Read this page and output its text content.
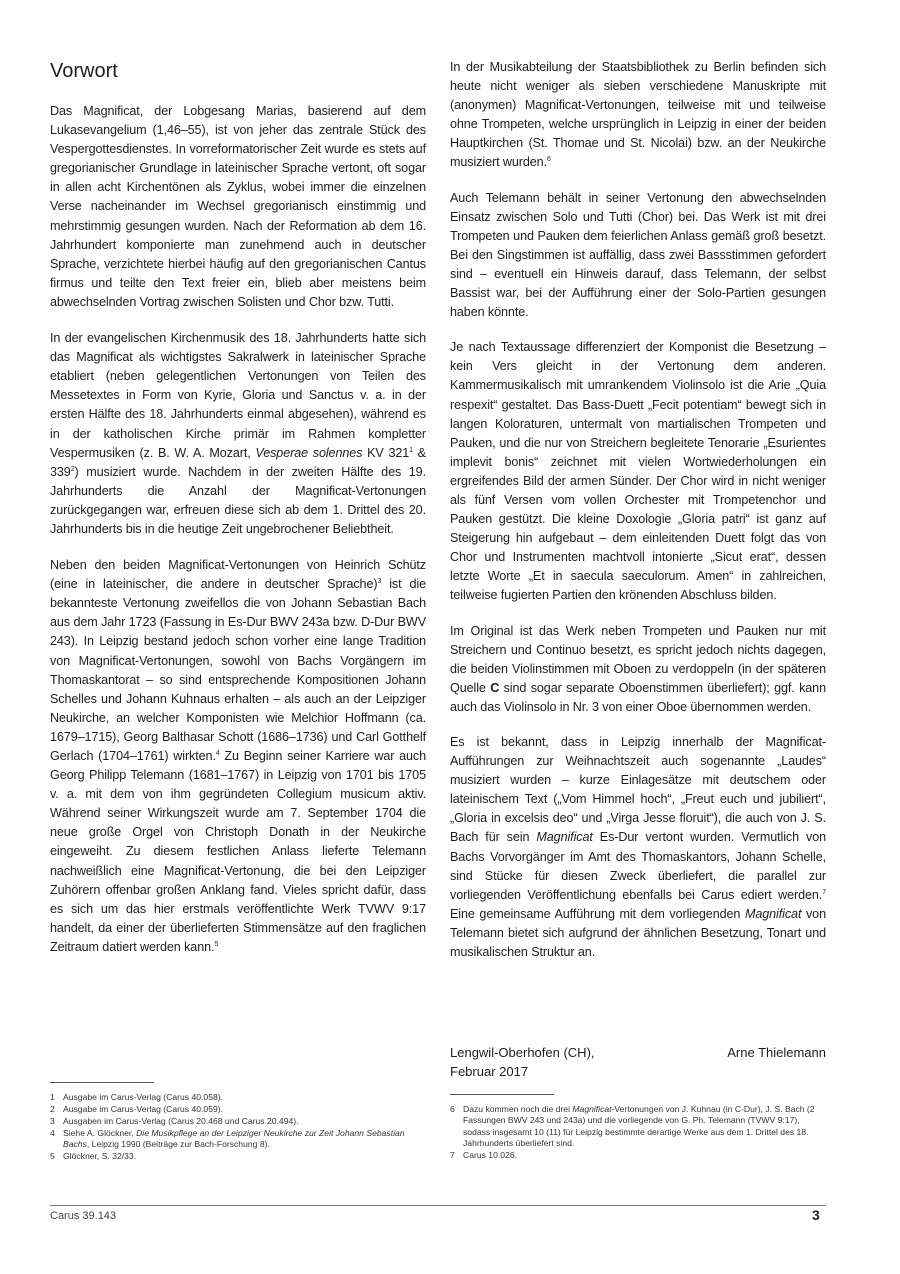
Vorwort

Das Magnificat, der Lobgesang Marias, basierend auf dem Lukasevangelium (1,46–55), ist von jeher das zentrale Stück des Vespergottesdienstes. In vorreformatorischer Zeit wurde es stets auf gregorianischer Grundlage in lateinischer Sprache vertont, oft sogar in allen acht Kirchentönen als Zyklus, wobei immer die einzelnen Verse nacheinander im Wechsel gregorianisch einstimmig und mehrstimmig gesungen wurden. Nach der Reformation ab dem 16. Jahrhundert komponierte man zunehmend auch in deutscher Sprache, verzichtete hierbei häufig auf den gregorianischen Cantus firmus und teilte den Text freier ein, blieb aber meistens beim abwechselnden Vortrag zwischen Solisten und Chor bzw. Tutti.

In der evangelischen Kirchenmusik des 18. Jahrhunderts hatte sich das Magnificat als wichtigstes Sakralwerk in lateinischer Sprache etabliert (neben gelegentlichen Vertonungen von Teilen des Messetextes in Form von Kyrie, Gloria und Sanctus v. a. in der ersten Hälfte des 18. Jahrhunderts einmal abgesehen), während es in der katholischen Kirche primär im Rahmen kompletter Vespermusiken (z. B. W. A. Mozart, Vesperae solennes KV $321^1$ & $339^2$) musiziert wurde. Nachdem in der zweiten Hälfte des 19. Jahrhunderts die Anzahl der Magnificat-Vertonungen zurückgegangen war, erfreuen diese sich ab dem 1. Drittel des 20. Jahrhunderts bis in die heutige Zeit ungebrochener Beliebtheit.

Neben den beiden Magnificat-Vertonungen von Heinrich Schütz (eine in lateinischer, die andere in deutscher Sprache)$^3$ ist die bekannteste Vertonung zweifellos die von Johann Sebastian Bach aus dem Jahr 1723 (Fassung in Es-Dur BWV 243a bzw. D-Dur BWV 243). In Leipzig bestand jedoch schon vorher eine lange Tradition von Magnificat-Vertonungen, sowohl von Bachs Vorgängern im Thomaskantorat – so sind entsprechende Kompositionen Johann Schelles und Johann Kuhnaus erhalten – als auch an der Leipziger Neukirche, an welcher Komponisten wie Melchior Hoffmann (ca. 1679–1715), Georg Balthasar Schott (1686–1736) und Carl Gotthelf Gerlach (1704–1761) wirkten.$^4$ Zu Beginn seiner Karriere war auch Georg Philipp Telemann (1681–1767) in Leipzig von 1701 bis 1705 v. a. mit dem von ihm gegründeten Collegium musicum aktiv. Während seiner Wirkungszeit wurde am 7. September 1704 die neue große Orgel von Christoph Donath in der Neukirche eingeweiht. Zu diesem festlichen Anlass lieferte Telemann nachweißlich eine Magnificat-Vertonung, die bei den Leipziger Zuhörern offenbar großen Anklang fand. Vieles spricht dafür, dass es sich um das hier erstmals veröffentlichte Werk TVWV 9:17 handelt, da einer der überlieferten Stimmensätze auf den fraglichen Zeitraum datiert werden kann.$^5$

In der Musikabteilung der Staatsbibliothek zu Berlin befinden sich heute nicht weniger als sieben verschiedene Manuskripte mit (anonymen) Magnificat-Vertonungen, teilweise mit und teilweise ohne Trompeten, welche ursprünglich in Leipzig in einer der beiden Hauptkirchen (St. Thomae und St. Nicolai) bzw. an der Neukirche musiziert wurden.$^6$

Auch Telemann behält in seiner Vertonung den abwechselnden Einsatz zwischen Solo und Tutti (Chor) bei. Das Werk ist mit drei Trompeten und Pauken dem feierlichen Anlass gemäß groß besetzt. Bei den Singstimmen ist auffällig, dass zwei Bassstimmen gefordert sind – eventuell ein Hinweis darauf, dass Telemann, der selbst Bassist war, bei der Aufführung einer der Solo-Partien gesungen haben könnte.

Je nach Textaussage differenziert der Komponist die Besetzung – kein Vers gleicht in der Vertonung dem anderen. Kammermusikalisch mit umrankendem Violinsolo ist die Arie „Quia respexit“ gestaltet. Das Bass-Duett „Fecit potentiam“ bewegt sich in langen Koloraturen, untermalt von martialischen Trompeten und Pauken, und die nur von Streichern begleitete Tenorarie „Esurientes implevit bonis“ zeichnet mit vielen Wortwiederholungen ein ergreifendes Bild der armen Sünder. Der Chor wird in nicht weniger als fünf Versen vom vollen Orchester mit Trompetenchor und Pauken gestützt. Die kleine Doxologie „Gloria patri“ ist ganz auf Steigerung hin aufgebaut – dem einleitenden Duett folgt das von Chor und Instrumenten machtvoll intonierte „Sicut erat“, dessen letzte Worte „Et in saecula saeculorum. Amen“ in zahlreichen, teilweise fugierten Partien den krönenden Abschluss bilden.

Im Original ist das Werk neben Trompeten und Pauken nur mit Streichern und Continuo besetzt, es spricht jedoch nichts dagegen, die beiden Violinstimmen mit Oboen zu verdoppeln (in der späteren Quelle C sind sogar separate Oboenstimmen überliefert); ggf. kann auch das Violinsolo in Nr. 3 von einer Oboe übernommen werden.

Es ist bekannt, dass in Leipzig innerhalb der Magnificat-Aufführungen zur Weihnachtszeit auch sogenannte „Laudes“ musiziert wurden – kurze Einlagesätze mit deutschem oder lateinischem Text („Vom Himmel hoch“, „Freut euch und jubiliert“, „Gloria in excelsis deo“ und „Virga Jesse floruit“), die auch von J. S. Bach für sein Magnificat Es-Dur vertont wurden. Vermutlich von Bachs Vorvorgänger im Amt des Thomaskantors, Johann Schelle, sind Stücke für diesen Zweck überliefert, die parallel zur vorliegenden Veröffentlichung ebenfalls bei Carus ediert werden.$^7$ Eine gemeinsame Aufführung mit dem vorliegenden Magnificat von Telemann bietet sich aufgrund der ähnlichen Besetzung, Tonart und musikalischen Struktur an.

Lengwil-Oberhofen (CH),	Arne Thielemann
Februar 2017
1 Ausgabe im Carus-Verlag (Carus 40.058).
2 Ausgabe im Carus-Verlag (Carus 40.059).
3 Ausgaben im Carus-Verlag (Carus 20.468 und Carus 20.494).
4 Siehe A. Glöckner, Die Musikpflege an der Leipziger Neukirche zur Zeit Johann Sebastian Bachs, Leipzig 1990 (Beiträge zur Bach-Forschung 8).
5 Glöckner, S. 32/33.
6 Dazu kommen noch die drei Magnificat-Vertonungen von J. Kuhnau (in C-Dur), J. S. Bach (2 Fassungen BWV 243 und 243a) und die vorliegende von G. Ph. Telemann (TVWV 9:17), sodass insgesamt 10 (11) für Leipzig bestimmte derartige Werke aus dem 1. Drittel des 18. Jahrhunderts überliefert sind.
7 Carus 10.026.
Carus 39.143	3
